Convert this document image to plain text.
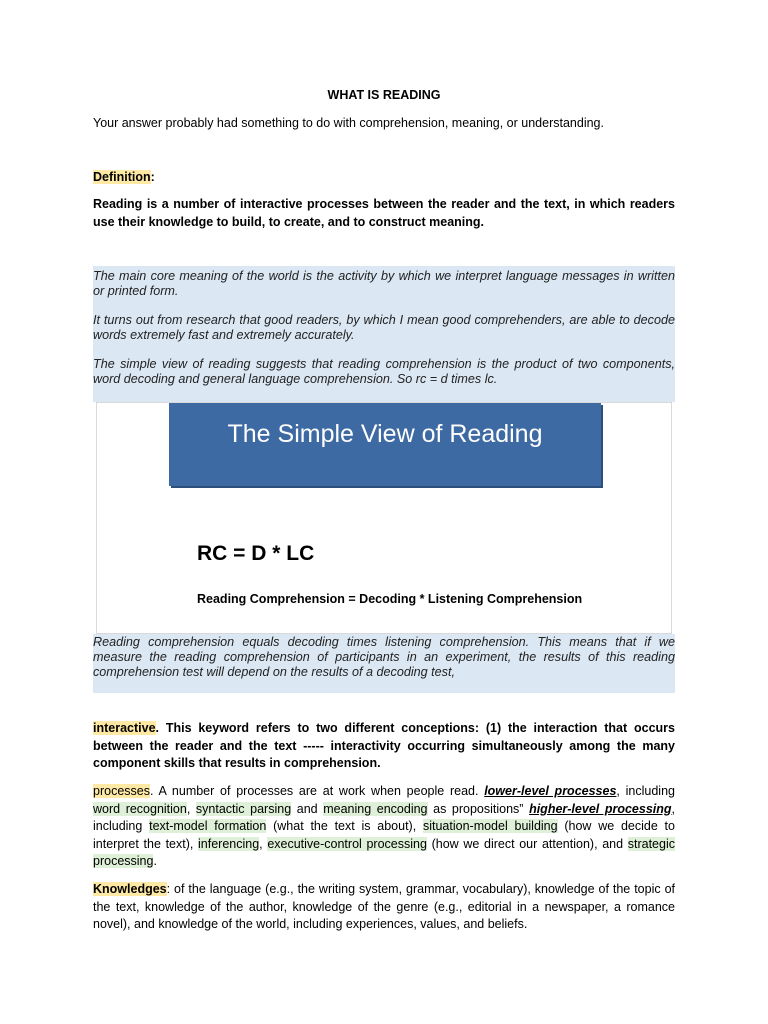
WHAT IS READING
Your answer probably had something to do with comprehension, meaning, or understanding.
Definition:
Reading is a number of interactive processes between the reader and the text, in which readers use their knowledge to build, to create, and to construct meaning.
The main core meaning of the world is the activity by which we interpret language messages in written or printed form.
It turns out from research that good readers, by which I mean good comprehenders, are able to decode words extremely fast and extremely accurately.
The simple view of reading suggests that reading comprehension is the product of two components, word decoding and general language comprehension. So rc = d times lc.
The Simple View of Reading
RC = D * LC
Reading Comprehension = Decoding * Listening Comprehension
Reading comprehension equals decoding times listening comprehension. This means that if we measure the reading comprehension of participants in an experiment, the results of this reading comprehension test will depend on the results of a decoding test,
interactive. This keyword refers to two different conceptions: (1) the interaction that occurs between the reader and the text ----- interactivity occurring simultaneously among the many component skills that results in comprehension.
processes. A number of processes are at work when people read. lower-level processes, including word recognition, syntactic parsing and meaning encoding as propositions” higher-level processing, including text-model formation (what the text is about), situation-model building (how we decide to interpret the text), inferencing, executive-control processing (how we direct our attention), and strategic processing.
Knowledges: of the language (e.g., the writing system, grammar, vocabulary), knowledge of the topic of the text, knowledge of the author, knowledge of the genre (e.g., editorial in a newspaper, a romance novel), and knowledge of the world, including experiences, values, and beliefs.
